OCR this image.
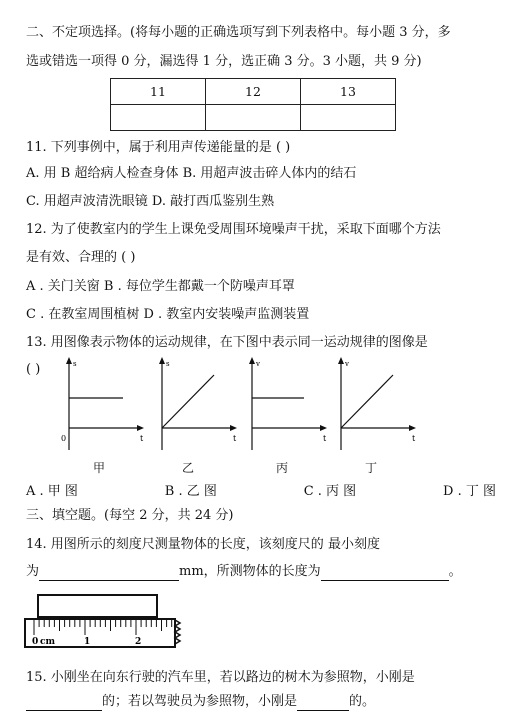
二、不定项选择。(将每小题的正确选项写到下列表格中。每小题 3 分，多
选或错选一项得 0 分，漏选得 1 分，选正确 3 分。3 小题，共 9 分)
11	12	13

11. 下列事例中，属于利用声传递能量的是 ( )
A. 用 B 超给病人检查身体 B. 用超声波击碎人体内的结石
C. 用超声波清洗眼镜 D. 敲打西瓜鉴别生熟
12. 为了使教室内的学生上课免受周围环境噪声干扰，采取下面哪个方法
是有效、合理的 ( )
A . 关门关窗 B . 每位学生都戴一个防噪声耳罩
C . 在教室周围植树 D . 教室内安装噪声监测装置
13. 用图像表示物体的运动规律，在下图中表示同一运动规律的图像是
( )	s
t
0
s
t
v
t
v
t
甲	乙	丙	丁
A . 甲 图	B . 乙 图	C . 丙 图	D . 丁 图
三、填空题。(每空 2 分，共 24 分)
14. 用图所示的刻度尺测量物体的长度，该刻度尺的 最小刻度
为	mm，所测物体的长度为	。
0 cm	1	2
15. 小刚坐在向东行驶的汽车里，若以路边的树木为参照物，小刚是
的；若以驾驶员为参照物，小刚是	的。
